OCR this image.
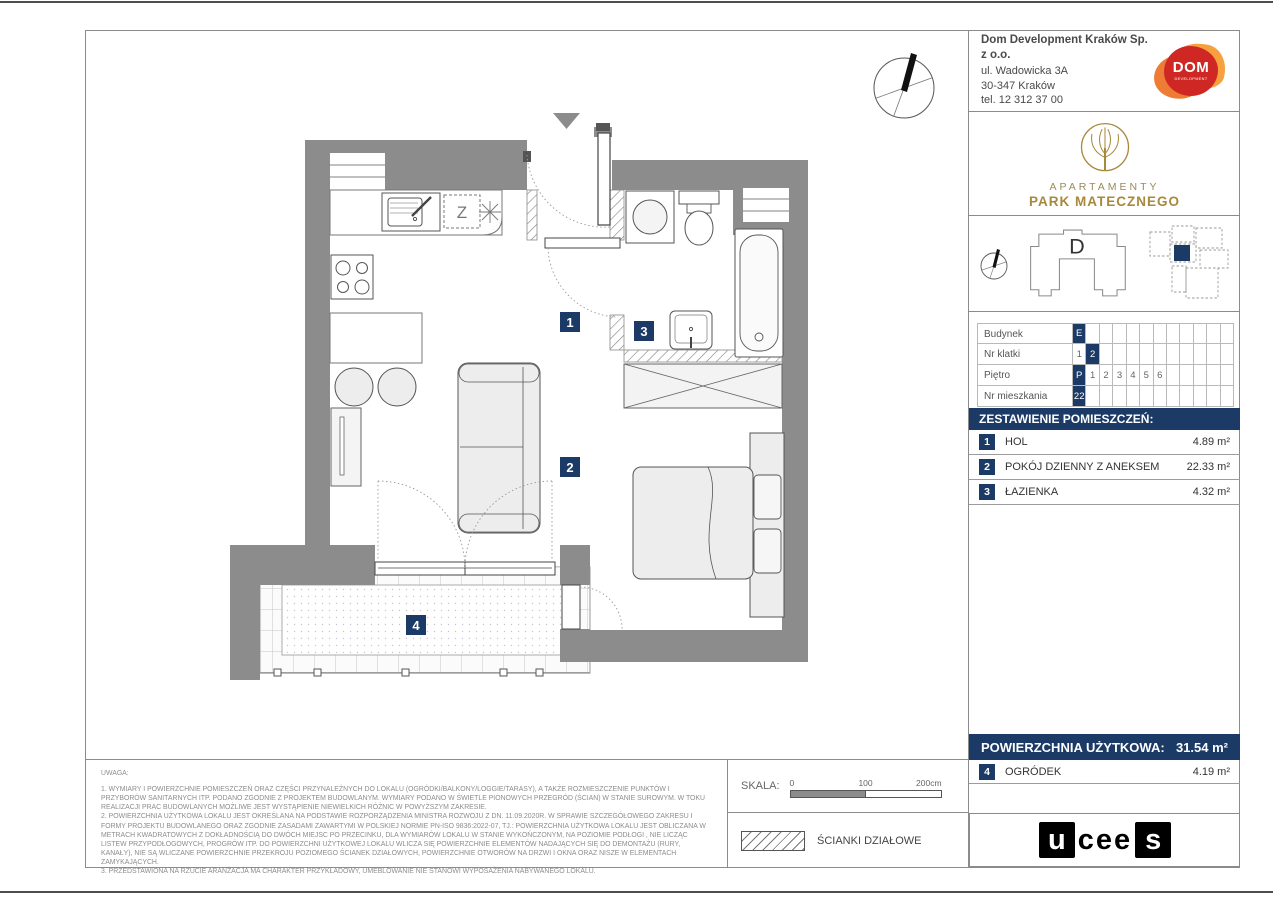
Z
1
2
3
4
Dom Development Kraków Sp. z o.o.
ul. Wadowicka 3A
30-347 Kraków
tel. 12 312 37 00
DOM
DEVELOPMENT
APARTAMENTY
PARK MATECZNEGO
D
Budynek	E
Nr klatki	1 2
Piętro	P 1 2 3 4 5 6
Nr mieszkania	22
ZESTAWIENIE POMIESZCZEŃ:
1	HOL	4.89 m²
2	POKÓJ DZIENNY Z ANEKSEM	22.33 m²
3	ŁAZIENKA	4.32 m²
POWIERZCHNIA UŻYTKOWA: 31.54 m²
4	OGRÓDEK	4.19 m²
u cee s

UWAGA:

1. WYMIARY I POWIERZCHNIE POMIESZCZEŃ ORAZ CZĘŚCI PRZYNALEŻNYCH DO LOKALU (OGRÓDKI/BALKONY/LOGGIE/TARASY), A TAKŻE ROZMIESZCZENIE PUNKTÓW I PRZYBORÓW SANITARNYCH ITP. PODANO ZGODNIE Z PROJEKTEM BUDOWLANYM. WYMIARY PODANO W ŚWIETLE PIONOWYCH PRZEGRÓD (ŚCIAN) W STANIE SUROWYM. W TOKU REALIZACJI PRAC BUDOWLANYCH MOŻLIWE JEST WYSTĄPIENIE NIEWIELKICH RÓŻNIC W POWYŻSZYM ZAKRESIE.

2. POWIERZCHNIA UŻYTKOWA LOKALU JEST OKREŚLANA NA PODSTAWIE ROZPORZĄDZENIA MINISTRA ROZWOJU Z DN. 11.09.2020R. W SPRAWIE SZCZEGÓŁOWEGO ZAKRESU I FORMY PROJEKTU BUDOWLANEGO ORAZ ZGODNIE ZASADAMI ZAWARTYMI W POLSKIEJ NORMIE PN-ISO 9836:2022-07, TJ.: POWIERZCHNIA UŻYTKOWA LOKALU JEST OBLICZANA W METRACH KWADRATOWYCH Z DOKŁADNOŚCIĄ DO DWÓCH MIEJSC PO PRZECINKU, DLA WYMIARÓW LOKALU W STANIE WYKOŃCZONYM, NA POZIOMIE PODŁOGI , NIE LICZĄC LISTEW PRZYPODŁOGOWYCH, PROGRÓW ITP. DO POWIERZCHNI UŻYTKOWEJ LOKALU WLICZA SIĘ POWIERZCHNIE ELEMENTÓW NADAJĄCYCH SIĘ DO DEMONTAŻU (RURY, KANAŁY), NIE SĄ WLICZANE POWIERZCHNIE PRZEKROJU POZIOMEGO ŚCIANEK DZIAŁOWYCH, POWIERZCHNIE OTWORÓW NA DRZWI I OKNA ORAZ NISZE W ELEMENTACH ZAMYKAJĄCYCH.

3. PRZEDSTAWIONA NA RZUCIE ARANŻACJA MA CHARAKTER PRZYKŁADOWY, UMEBLOWANIE NIE STANOWI WYPOSAŻENIA NABYWANEGO LOKALU.

SKALA: 0	100	200cm
ŚCIANKI DZIAŁOWE
